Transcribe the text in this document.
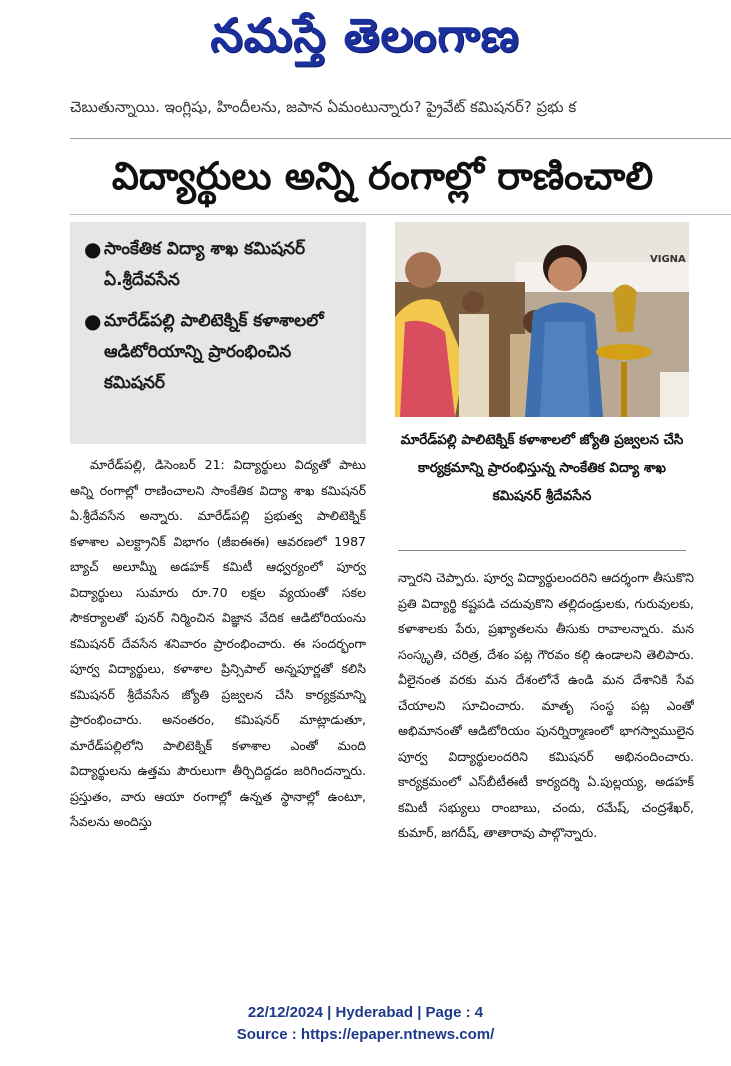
నమస్తే తెలంగాణ
చెబుతున్నాయి. ఇంగ్లిషు, హిందీలను, జపాన ఏమంటున్నారు? ప్రైవేట్ కమిషనర్? ప్రభు క
విద్యార్థులు అన్ని రంగాల్లో రాణించాలి
● సాంకేతిక విద్యా శాఖ కమిషనర్ ఏ.శ్రీదేవసేన
● మారేడ్‌పల్లి పాలిటెక్నిక్ కళాశాలలో ఆడిటోరియాన్ని ప్రారంభించిన కమిషనర్
VIGNA
మారేడ్‌పల్లి పాలిటెక్నిక్ కళాశాలలో జ్యోతి ప్రజ్వలన చేసి కార్యక్రమాన్ని ప్రారంభిస్తున్న సాంకేతిక విద్యా శాఖ కమిషనర్ శ్రీదేవసేన
మారేడ్‌పల్లి, డిసెంబర్ 21: విద్యార్థులు విద్యతో పాటు అన్ని రంగాల్లో రాణించాలని సాంకేతిక విద్యా శాఖ కమిషనర్ ఏ.శ్రీదేవసేన అన్నారు. మారేడ్‌పల్లి ప్రభుత్వ పాలిటెక్నిక్ కళాశాల ఎలక్ట్రానిక్ విభాగం (జీఐఈఈ) ఆవరణలో 1987 బ్యాచ్ అలూమ్నీ అడహక్ కమిటీ ఆధ్వర్యంలో పూర్వ విద్యార్థులు సుమారు రూ.70 లక్షల వ్యయంతో సకల సౌకర్యాలతో పునర్ నిర్మించిన విజ్ఞాన వేదిక ఆడిటోరియంను కమిషనర్ దేవసేన శనివారం ప్రారంభించారు. ఈ సందర్భంగా పూర్వ విద్యార్థులు, కళాశాల ప్రిన్సిపాల్ అన్నపూర్ణతో కలిసి కమిషనర్ శ్రీదేవసేన జ్యోతి ప్రజ్వలన చేసి కార్యక్రమాన్ని ప్రారంభించారు. అనంతరం, కమిషనర్ మాట్లాడుతూ, మారేడ్‌పల్లిలోని పాలిటెక్నిక్ కళాశాల ఎంతో మంది విద్యార్థులను ఉత్తమ పౌరులుగా తీర్చిదిద్దడం జరిగిందన్నారు. ప్రస్తుతం, వారు ఆయా రంగాల్లో ఉన్నత స్థానాల్లో ఉంటూ, సేవలను అందిస్తు
న్నారని చెప్పారు. పూర్వ విద్యార్థులందరిని ఆదర్శంగా తీసుకొని ప్రతి విద్యార్థి కష్టపడి చదువుకొని తల్లిదండ్రులకు, గురువులకు, కళాశాలకు పేరు, ప్రఖ్యాతలను తీసుకు రావాలన్నారు. మన సంస్కృతి, చరిత్ర, దేశం పట్ల గౌరవం కల్గి ఉండాలని తెలిపారు. వీలైనంత వరకు మన దేశంలోనే ఉండి మన దేశానికి సేవ చేయాలని సూచించారు. మాతృ సంస్థ పట్ల ఎంతో అభిమానంతో ఆడిటోరియం పునర్నిర్మాణంలో భాగస్వాములైన పూర్వ విద్యార్థులందరిని కమిషనర్ అభినందించారు. కార్యక్రమంలో ఎస్‌బీటీఈటీ కార్యదర్శి ఏ.పుల్లయ్య, అడహక్ కమిటీ సభ్యులు రాంబాబు, చందు, రమేష్, చంద్రశేఖర్, కుమార్, జగదీష్, తాతారావు పాల్గొన్నారు.
22/12/2024 | Hyderabad | Page : 4
Source : https://epaper.ntnews.com/
